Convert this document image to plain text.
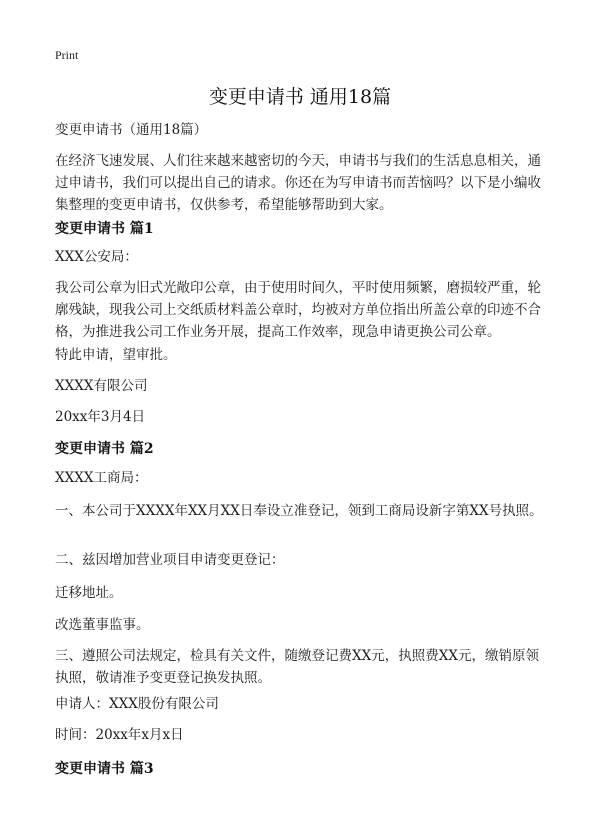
Print
变更申请书 通用18篇

变更申请书（通用18篇）

在经济飞速发展、人们往来越来越密切的今天，申请书与我们的生活息息相关，通过申请书，我们可以提出自己的请求。你还在为写申请书而苦恼吗？以下是小编收集整理的变更申请书，仅供参考，希望能够帮助到大家。

变更申请书 篇1

XXX公安局：

我公司公章为旧式光敞印公章，由于使用时间久，平时使用频繁，磨损较严重，轮廓残缺，现我公司上交纸质材料盖公章时，均被对方单位指出所盖公章的印迹不合格，为推进我公司工作业务开展，提高工作效率，现急申请更换公司公章。

特此申请，望审批。

XXXX有限公司

20xx年3月4日

变更申请书 篇2

XXXX工商局：

一、本公司于XXXX年XX月XX日奉设立准登记，领到工商局设新字第XX号执照。

二、兹因增加营业项目申请变更登记：

迁移地址。

改选董事监事。

三、遵照公司法规定，检具有关文件，随缴登记费XX元，执照费XX元，缴销原领执照，敬请准予变更登记换发执照。

申请人：XXX股份有限公司

时间：20xx年x月x日

变更申请书 篇3
